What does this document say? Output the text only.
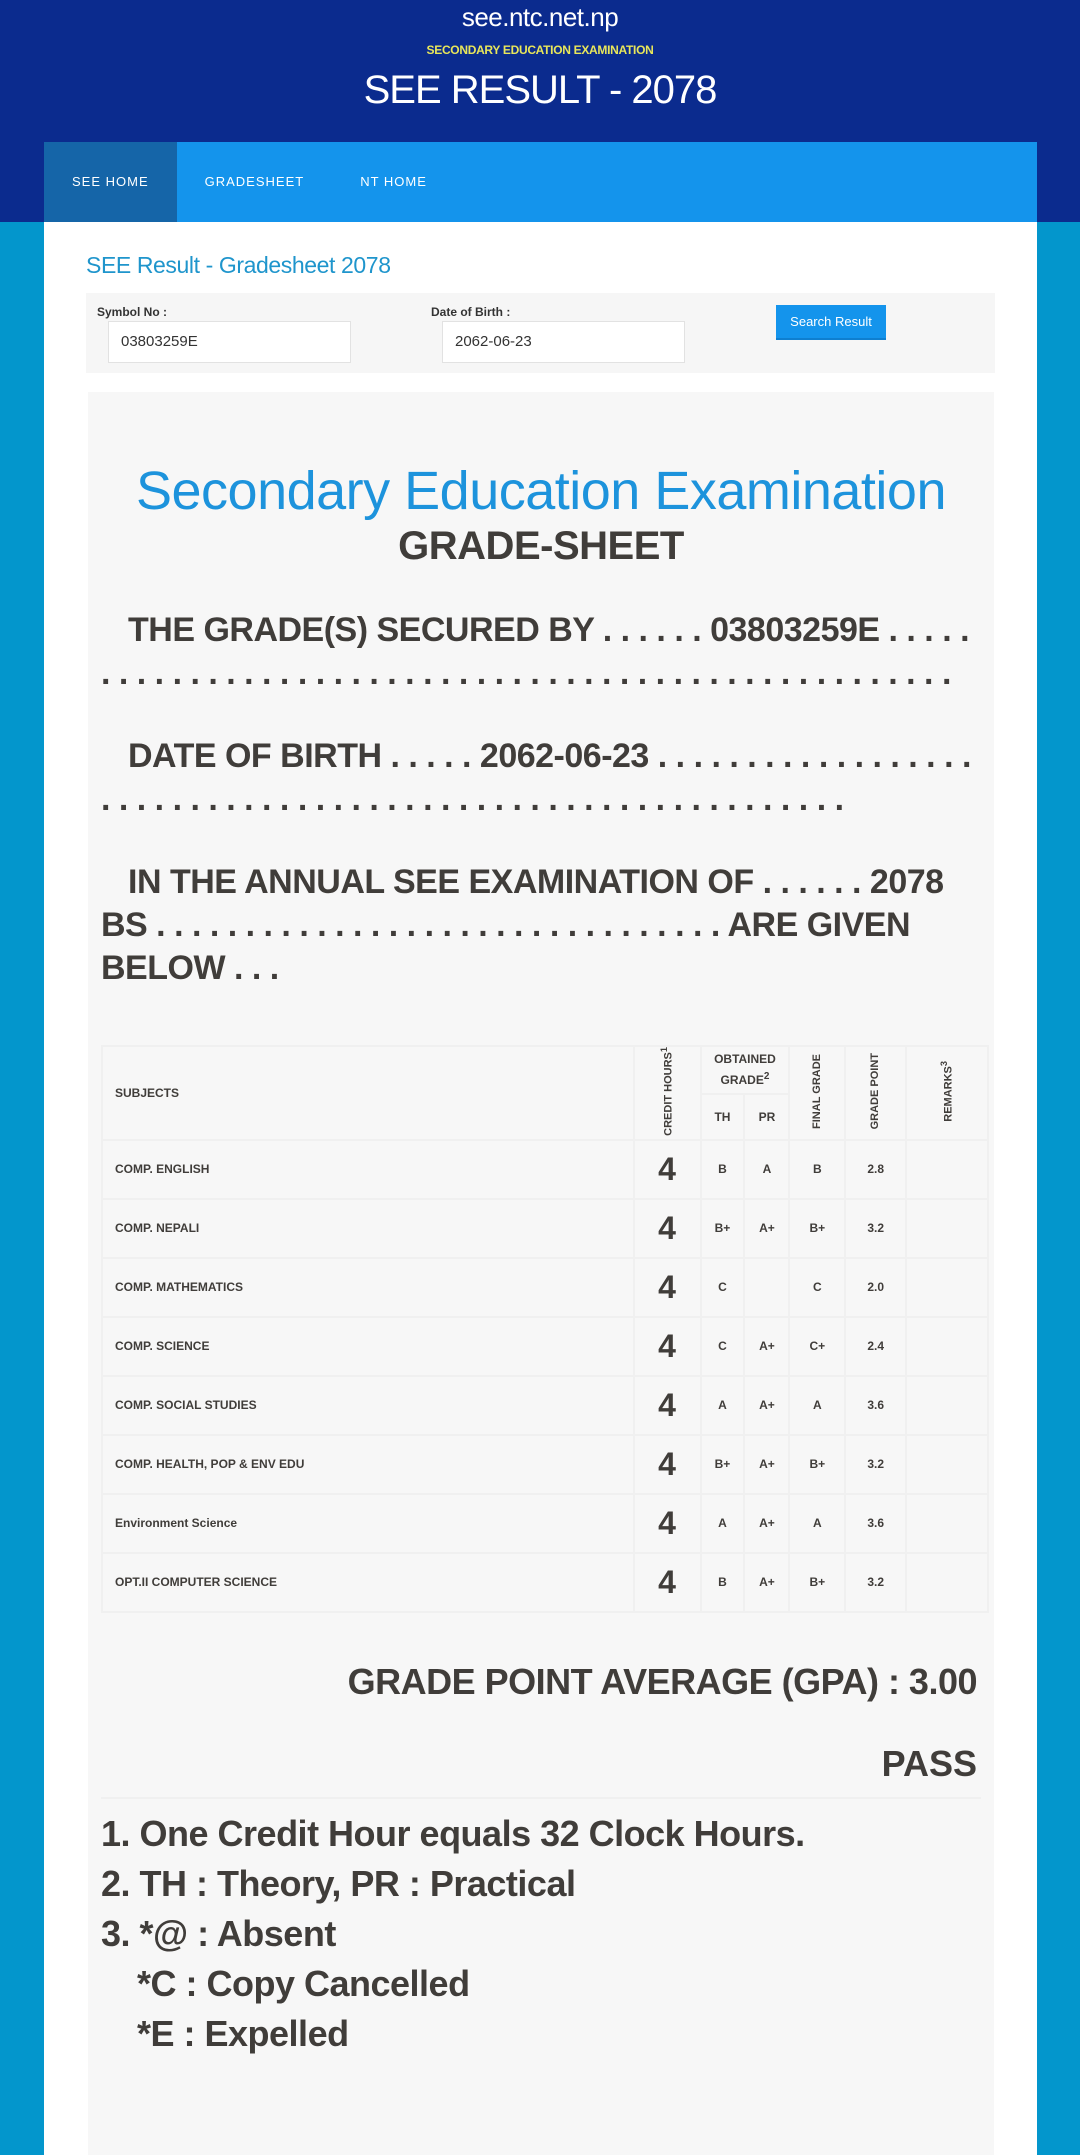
see.ntc.net.np
SECONDARY EDUCATION EXAMINATION
SEE RESULT - 2078
SEE HOME	GRADESHEET	NT HOME
SEE Result - Gradesheet 2078
Symbol No :
03803259E
Date of Birth :
2062-06-23
Search Result
Secondary Education Examination
GRADE-SHEET
THE GRADE(S) SECURED BY . . . . . . 03803259E . . . . . . . . . . . . . . . . . . . . . . . . . . . . . . . . . . . . . . . . . . . . . . . . . . . . .
DATE OF BIRTH . . . . . 2062-06-23 . . . . . . . . . . . . . . . . . . . . . . . . . . . . . . . . . . . . . . . . . . . . . . . . . . . . . . . . . . . .
IN THE ANNUAL SEE EXAMINATION OF . . . . . . 2078 BS . . . . . . . . . . . . . . . . . . . . . . . . . . . . . . . . ARE GIVEN BELOW . . .
SUBJECTS	CREDIT HOURS$^1$	OBTAINED GRADE$^2$		FINAL GRADE	GRADE POINT	REMARKS$^3$
		TH	PR			
COMP. ENGLISH	4	B	A	B	2.8	
COMP. NEPALI	4	B+	A+	B+	3.2	
COMP. MATHEMATICS	4	C		C	2.0	
COMP. SCIENCE	4	C	A+	C+	2.4	
COMP. SOCIAL STUDIES	4	A	A+	A	3.6	
COMP. HEALTH, POP & ENV EDU	4	B+	A+	B+	3.2	
Environment Science	4	A	A+	A	3.6	
OPT.II COMPUTER SCIENCE	4	B	A+	B+	3.2	
GRADE POINT AVERAGE (GPA) : 3.00
PASS
1. One Credit Hour equals 32 Clock Hours.
2. TH : Theory, PR : Practical
3. *@ : Absent
*C : Copy Cancelled
*E : Expelled
